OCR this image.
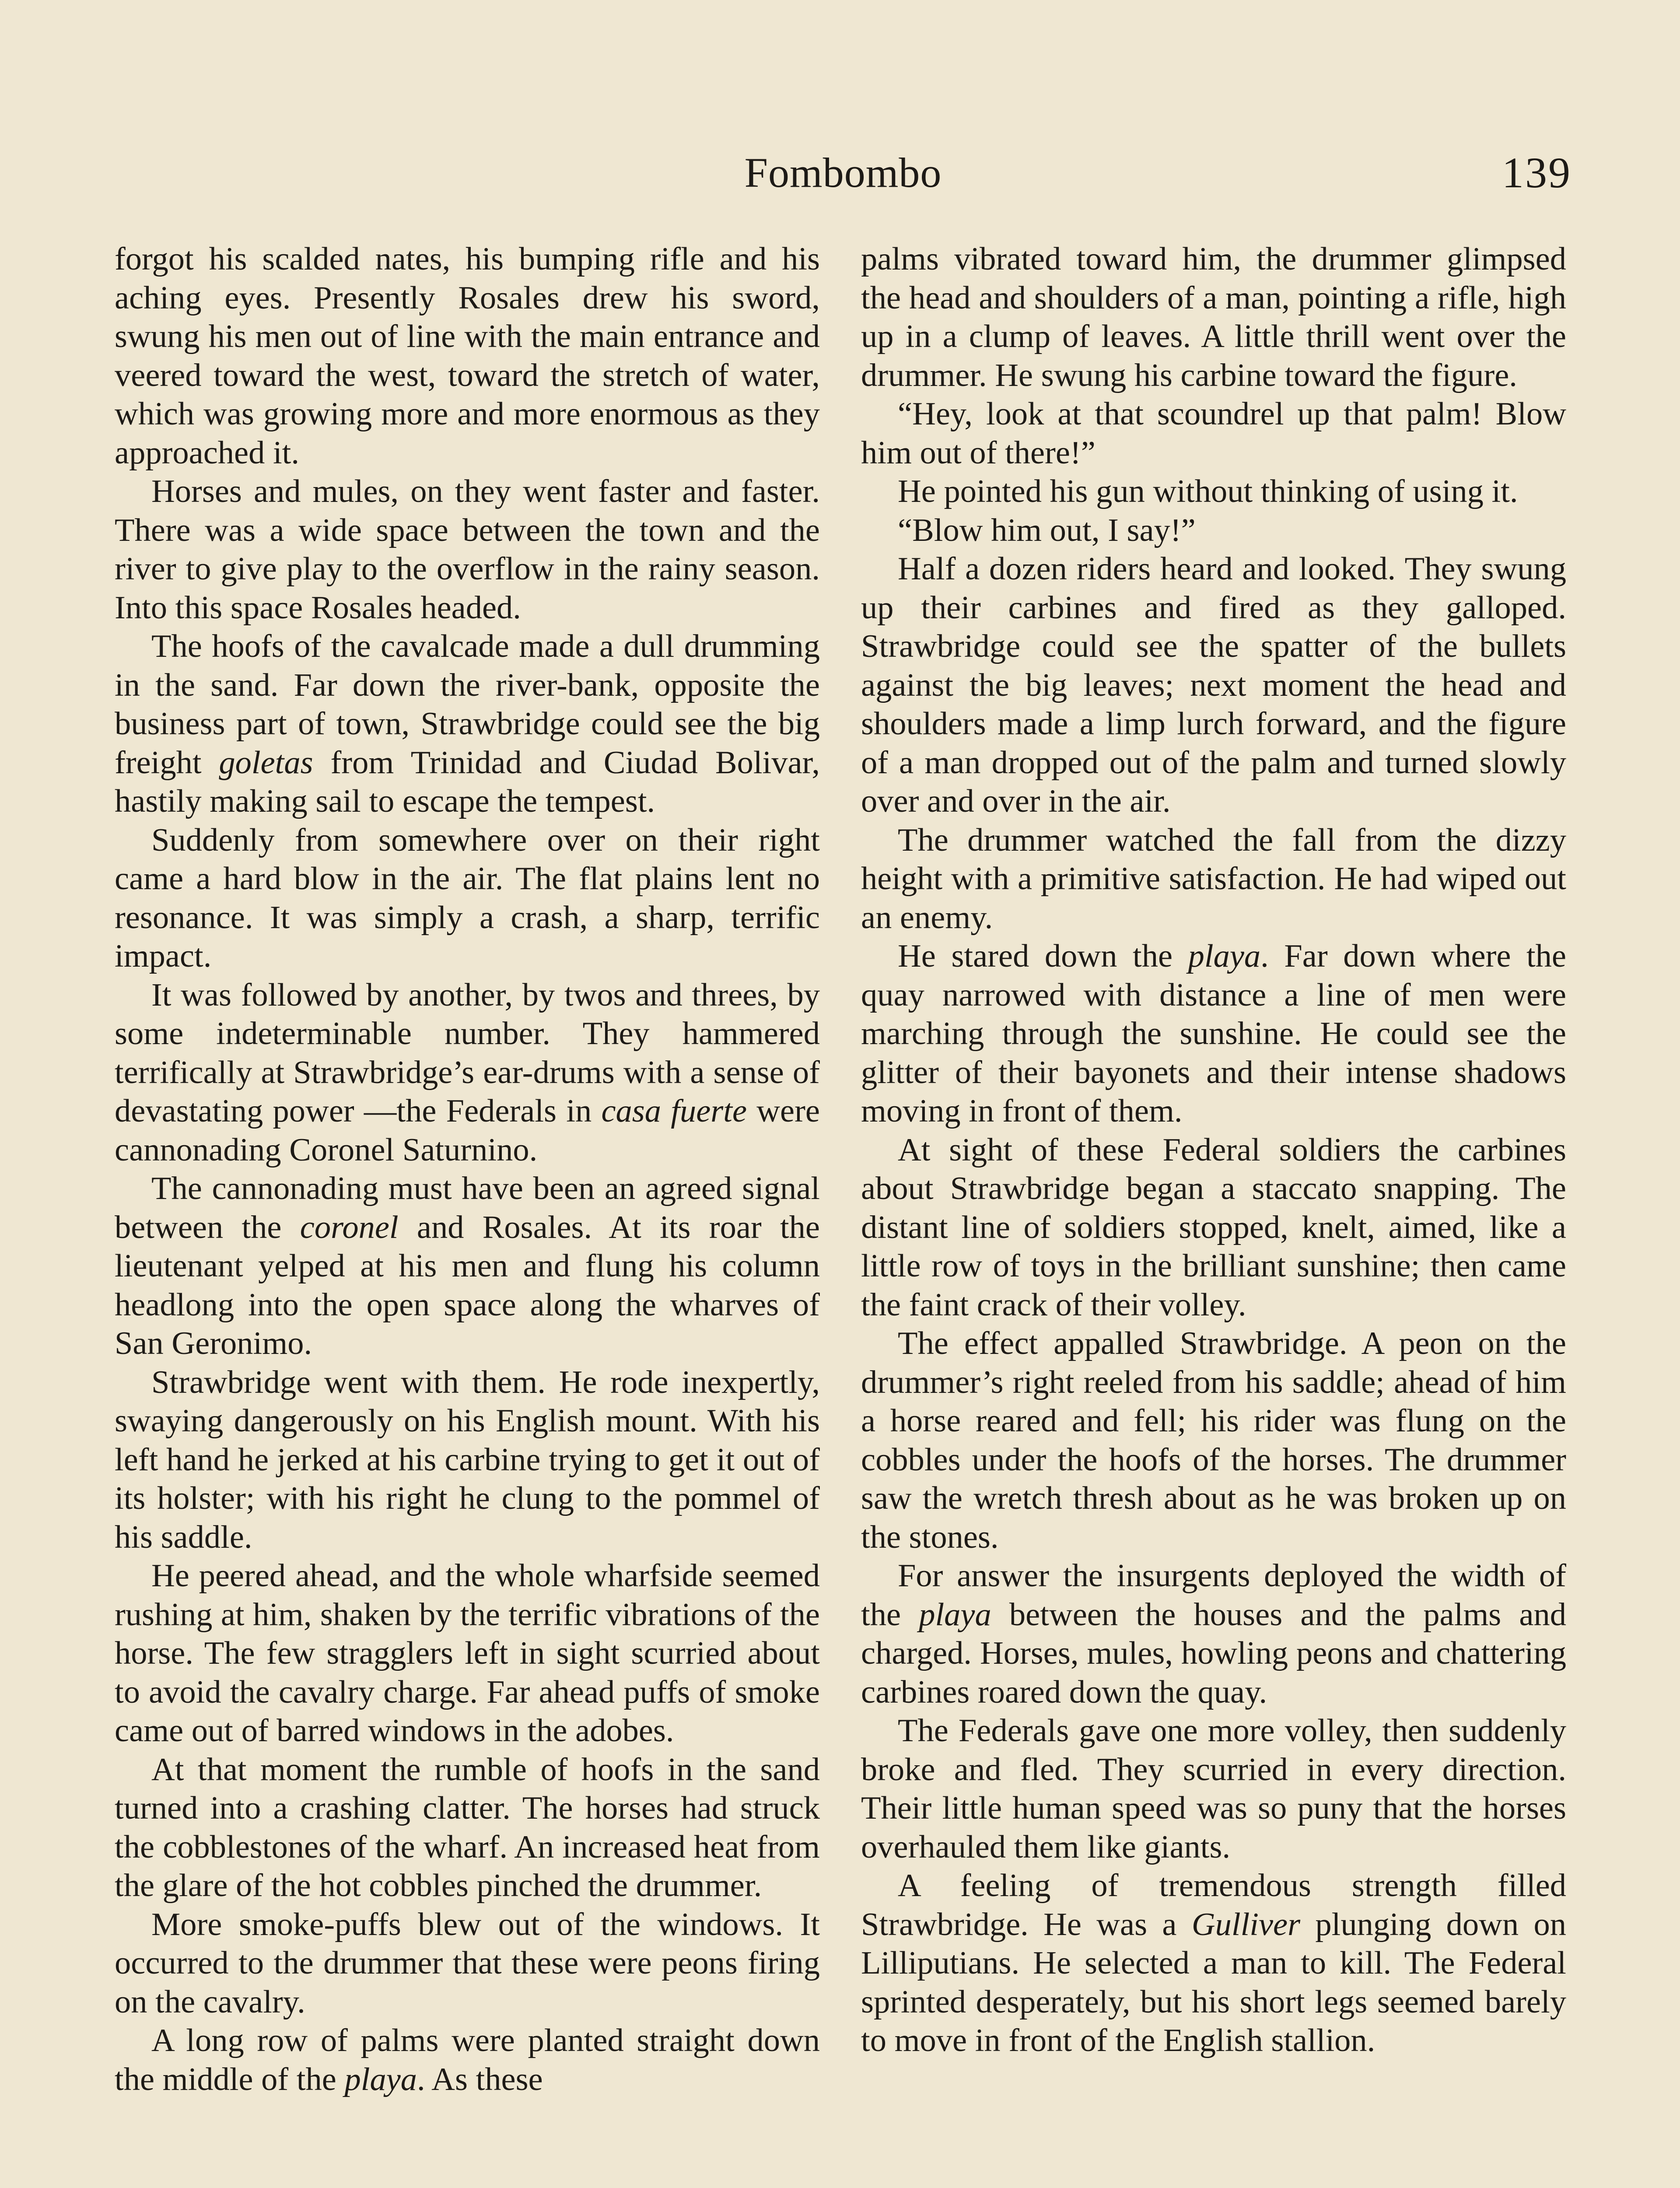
Fombombo	139

forgot his scalded nates, his bumping rifle and his aching eyes. Presently Rosales drew his sword, swung his men out of line with the main entrance and veered toward the west, toward the stretch of water, which was growing more and more enormous as they approached it.

Horses and mules, on they went faster and faster. There was a wide space between the town and the river to give play to the overflow in the rainy season. Into this space Rosales headed.

The hoofs of the cavalcade made a dull drumming in the sand. Far down the river-bank, opposite the business part of town, Strawbridge could see the big freight goletas from Trinidad and Ciudad Bolivar, hastily making sail to escape the tempest.

Suddenly from somewhere over on their right came a hard blow in the air. The flat plains lent no resonance. It was simply a crash, a sharp, terrific impact.

It was followed by another, by twos and threes, by some indeterminable number. They hammered terrifically at Strawbridge’s ear-drums with a sense of devastating power —the Federals in casa fuerte were cannonading Coronel Saturnino.

The cannonading must have been an agreed signal between the coronel and Rosales. At its roar the lieutenant yelped at his men and flung his column headlong into the open space along the wharves of San Geronimo.

Strawbridge went with them. He rode inexpertly, swaying dangerously on his English mount. With his left hand he jerked at his carbine trying to get it out of its holster; with his right he clung to the pommel of his saddle.

He peered ahead, and the whole wharfside seemed rushing at him, shaken by the terrific vibrations of the horse. The few stragglers left in sight scurried about to avoid the cavalry charge. Far ahead puffs of smoke came out of barred windows in the adobes.

At that moment the rumble of hoofs in the sand turned into a crashing clatter. The horses had struck the cobblestones of the wharf. An increased heat from the glare of the hot cobbles pinched the drummer.

More smoke-puffs blew out of the windows. It occurred to the drummer that these were peons firing on the cavalry.

A long row of palms were planted straight down the middle of the playa. As these

palms vibrated toward him, the drummer glimpsed the head and shoulders of a man, pointing a rifle, high up in a clump of leaves. A little thrill went over the drummer. He swung his carbine toward the figure.

“Hey, look at that scoundrel up that palm! Blow him out of there!”

He pointed his gun without thinking of using it.

“Blow him out, I say!”

Half a dozen riders heard and looked. They swung up their carbines and fired as they galloped. Strawbridge could see the spatter of the bullets against the big leaves; next moment the head and shoulders made a limp lurch forward, and the figure of a man dropped out of the palm and turned slowly over and over in the air.

The drummer watched the fall from the dizzy height with a primitive satisfaction. He had wiped out an enemy.

He stared down the playa. Far down where the quay narrowed with distance a line of men were marching through the sunshine. He could see the glitter of their bayonets and their intense shadows moving in front of them.

At sight of these Federal soldiers the carbines about Strawbridge began a staccato snapping. The distant line of soldiers stopped, knelt, aimed, like a little row of toys in the brilliant sunshine; then came the faint crack of their volley.

The effect appalled Strawbridge. A peon on the drummer’s right reeled from his saddle; ahead of him a horse reared and fell; his rider was flung on the cobbles under the hoofs of the horses. The drummer saw the wretch thresh about as he was broken up on the stones.

For answer the insurgents deployed the width of the playa between the houses and the palms and charged. Horses, mules, howling peons and chattering carbines roared down the quay.

The Federals gave one more volley, then suddenly broke and fled. They scurried in every direction. Their little human speed was so puny that the horses overhauled them like giants.

A feeling of tremendous strength filled Strawbridge. He was a Gulliver plunging down on Lilliputians. He selected a man to kill. The Federal sprinted desperately, but his short legs seemed barely to move in front of the English stallion.
